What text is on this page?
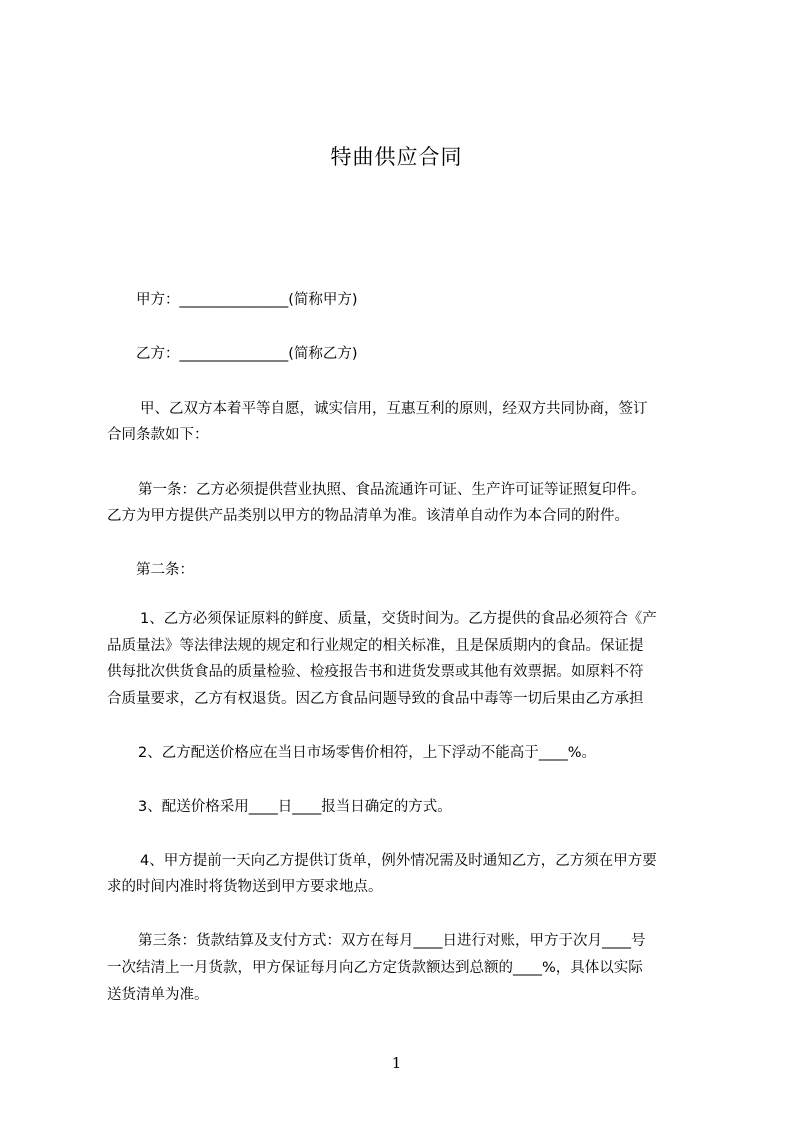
特曲供应合同
甲方：_______________(简称甲方)
乙方：_______________(简称乙方)
甲、乙双方本着平等自愿，诚实信用，互惠互利的原则，经双方共同协商，签订
合同条款如下：
第一条：乙方必须提供营业执照、食品流通许可证、生产许可证等证照复印件。
乙方为甲方提供产品类别以甲方的物品清单为准。该清单自动作为本合同的附件。
第二条：
1、乙方必须保证原料的鲜度、质量，交货时间为。乙方提供的食品必须符合《产
品质量法》等法律法规的规定和行业规定的相关标准，且是保质期内的食品。保证提
供每批次供货食品的质量检验、检疫报告书和进货发票或其他有效票据。如原料不符
合质量要求，乙方有权退货。因乙方食品问题导致的食品中毒等一切后果由乙方承担
2、乙方配送价格应在当日市场零售价相符，上下浮动不能高于____%。
3、配送价格采用____日____报当日确定的方式。
4、甲方提前一天向乙方提供订货单，例外情况需及时通知乙方，乙方须在甲方要
求的时间内准时将货物送到甲方要求地点。
第三条：货款结算及支付方式：双方在每月____日进行对账，甲方于次月____号
一次结清上一月货款，甲方保证每月向乙方定货款额达到总额的____%，具体以实际
送货清单为准。
1
